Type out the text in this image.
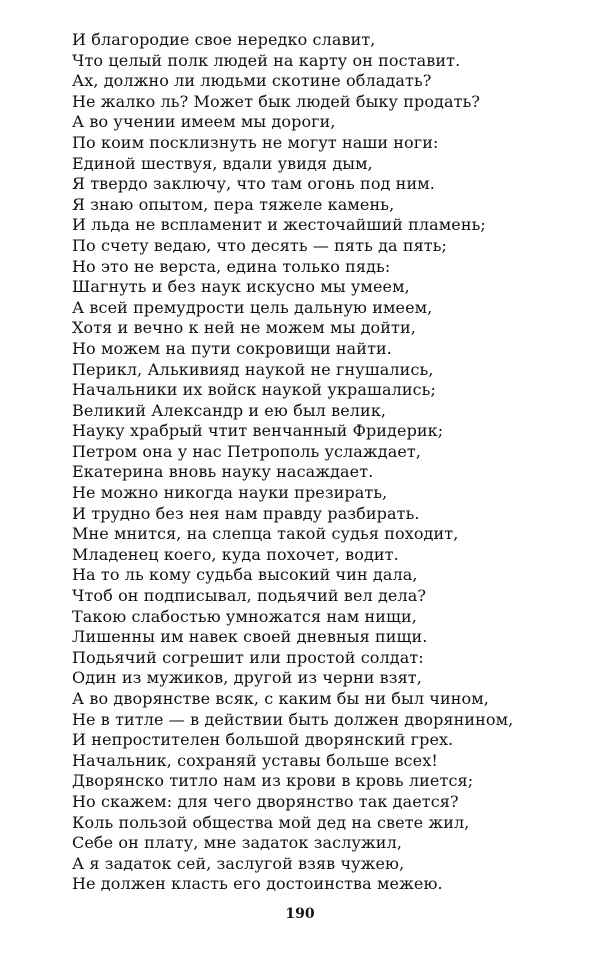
И благородие свое нередко славит,
Что целый полк людей на карту он поставит.
Ах, должно ли людьми скотине обладать?
Не жалко ль? Может бык людей быку продать?
А во учении имеем мы дороги,
По коим посклизнуть не могут наши ноги:
Единой шествуя, вдали увидя дым,
Я твердо заключу, что там огонь под ним.
Я знаю опытом, пера тяжеле камень,
И льда не вспламенит и жесточайший пламень;
По счету ведаю, что десять — пять да пять;
Но это не верста, едина только пядь:
Шагнуть и без наук искусно мы умеем,
А всей премудрости цель дальную имеем,
Хотя и вечно к ней не можем мы дойти,
Но можем на пути сокровищи найти.
Перикл, Алькивияд наукой не гнушались,
Начальники их войск наукой украшались;
Великий Александр и ею был велик,
Науку храбрый чтит венчанный Фридерик;
Петром она у нас Петрополь услаждает,
Екатерина вновь науку насаждает.
Не можно никогда науки презирать,
И трудно без нея нам правду разбирать.
Мне мнится, на слепца такой судья походит,
Младенец коего, куда похочет, водит.
На то ль кому судьба высокий чин дала,
Чтоб он подписывал, подьячий вел дела?
Такою слабостью умножатся нам нищи,
Лишенны им навек своей дневныя пищи.
Подьячий согрешит или простой солдат:
Один из мужиков, другой из черни взят,
А во дворянстве всяк, с каким бы ни был чином,
Не в титле — в действии быть должен дворянином,
И непростителен большой дворянский грех.
Начальник, сохраняй уставы больше всех!
Дворянско титло нам из крови в кровь лиется;
Но скажем: для чего дворянство так дается?
Коль пользой общества мой дед на свете жил,
Себе он плату, мне задаток заслужил,
А я задаток сей, заслугой взяв чужею,
Не должен класть его достоинства межею.
190
